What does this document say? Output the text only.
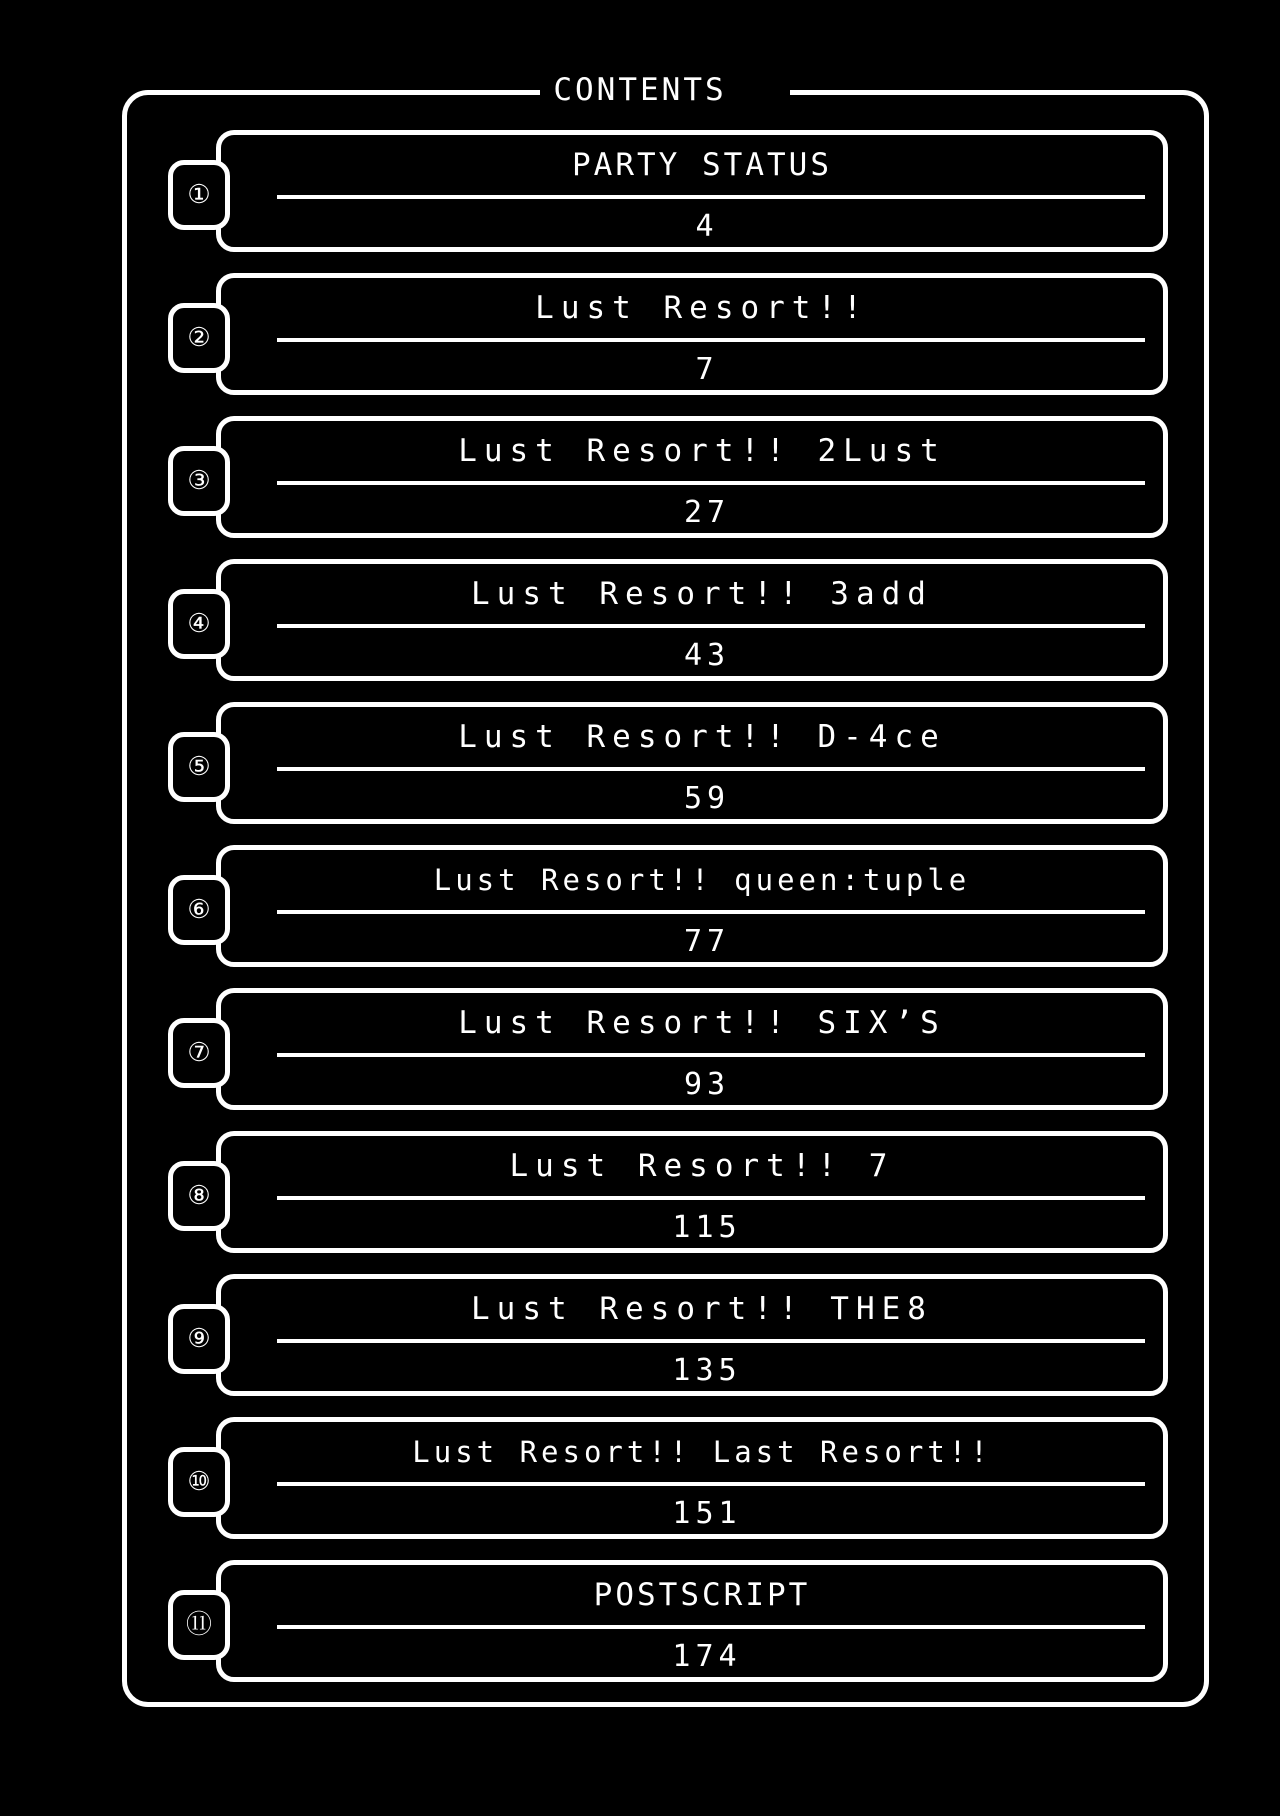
CONTENTS
①
PARTY STATUS
4
②
Lust Resort!!
7
③
Lust Resort!! 2Lust
27
④
Lust Resort!! 3add
43
⑤
Lust Resort!! D-4ce
59
⑥
Lust Resort!! queen:tuple
77
⑦
Lust Resort!! SIX’S
93
⑧
Lust Resort!! 7
115
⑨
Lust Resort!! THE8
135
⑩
Lust Resort!! Last Resort!!
151
⑪
POSTSCRIPT
174
